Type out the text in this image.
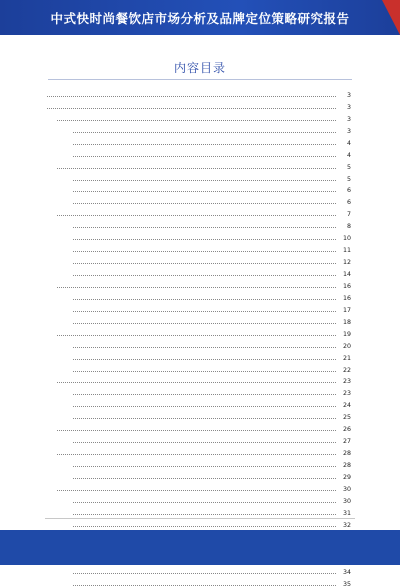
中式快时尚餐饮店市场分析及品牌定位策略研究报告
内容目录
3
3
3
3
4
4
5
5
6
6
7
8
10
11
12
14
16
16
17
18
19
20
21
22
23
23
24
25
26
27
28
28
29
30
30
31
32
34
35
